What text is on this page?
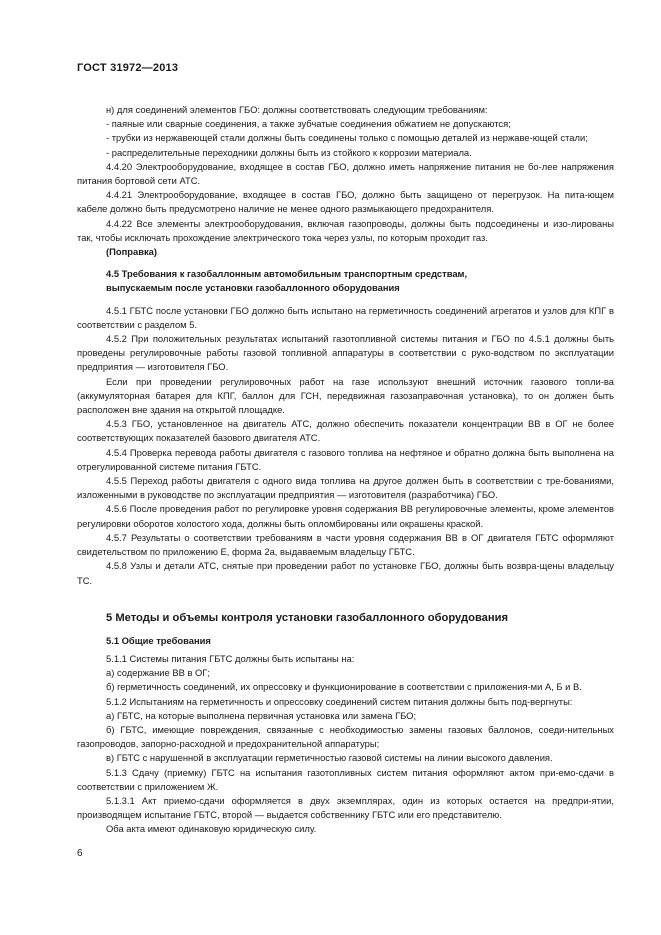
ГОСТ 31972—2013

н) для соединений элементов ГБО: должны соответствовать следующим требованиям:

- паяные или сварные соединения, а также зубчатые соединения обжатием не допускаются;

- трубки из нержавеющей стали должны быть соединены только с помощью деталей из нержаве-ющей стали;

- распределительные переходники должны быть из стойкого к коррозии материала.

4.4.20 Электрооборудование, входящее в состав ГБО, должно иметь напряжение питания не бо-лее напряжения питания бортовой сети АТС.

4.4.21 Электрооборудование, входящее в состав ГБО, должно быть защищено от перегрузок. На пита-ющем кабеле должно быть предусмотрено наличие не менее одного размыкающего предохранителя.

4.4.22 Все элементы электрооборудования, включая газопроводы, должны быть подсоединены и изо-лированы так, чтобы исключать прохождение электрического тока через узлы, по которым проходит газ.

(Поправка)

4.5 Требования к газобаллонным автомобильным транспортным средствам,
выпускаемым после установки газобаллонного оборудования

4.5.1 ГБТС после установки ГБО должно быть испытано на герметичность соединений агрегатов и узлов для КПГ в соответствии с разделом 5.

4.5.2 При положительных результатах испытаний газотопливной системы питания и ГБО по 4.5.1 должны быть проведены регулировочные работы газовой топливной аппаратуры в соответствии с руко-водством по эксплуатации предприятия — изготовителя ГБО.

Если при проведении регулировочных работ на газе используют внешний источник газового топли-ва (аккумуляторная батарея для КПГ, баллон для ГСН, передвижная газозаправочная установка), то он должен быть расположен вне здания на открытой площадке.

4.5.3 ГБО, установленное на двигатель АТС, должно обеспечить показатели концентрации ВВ в ОГ не более соответствующих показателей базового двигателя АТС.

4.5.4 Проверка перевода работы двигателя с газового топлива на нефтяное и обратно должна быть выполнена на отрегулированной системе питания ГБТС.

4.5.5 Переход работы двигателя с одного вида топлива на другое должен быть в соответствии с тре-бованиями, изложенными в руководстве по эксплуатации предприятия — изготовителя (разработчика) ГБО.

4.5.6 После проведения работ по регулировке уровня содержания ВВ регулировочные элементы, кроме элементов регулировки оборотов холостого хода, должны быть опломбированы или окрашены краской.

4.5.7 Результаты о соответствии требованиям в части уровня содержания ВВ в ОГ двигателя ГБТС оформляют свидетельством по приложению Е, форма 2а, выдаваемым владельцу ГБТС.

4.5.8 Узлы и детали АТС, снятые при проведении работ по установке ГБО, должны быть возвра-щены владельцу ТС.

5 Методы и объемы контроля установки газобаллонного оборудования

5.1 Общие требования

5.1.1 Системы питания ГБТС должны быть испытаны на:

а) содержание ВВ в ОГ;

б) герметичность соединений, их опрессовку и функционирование в соответствии с приложения-ми А, Б и В.

5.1.2 Испытаниям на герметичность и опрессовку соединений систем питания должны быть под-вергнуты:

а) ГБТС, на которые выполнена первичная установка или замена ГБО;

б) ГБТС, имеющие повреждения, связанные с необходимостью замены газовых баллонов, соеди-нительных газопроводов, запорно-расходной и предохранительной аппаратуры;

в) ГБТС с нарушенной в эксплуатации герметичностью газовой системы на линии высокого давления.

5.1.3 Сдачу (приемку) ГБТС на испытания газотопливных систем питания оформляют актом при-емо-сдачи в соответствии с приложением Ж.

5.1.3.1 Акт приемо-сдачи оформляется в двух экземплярах, один из которых остается на предпри-ятии, производящем испытание ГБТС, второй — выдается собственнику ГБТС или его представителю.

Оба акта имеют одинаковую юридическую силу.

6
